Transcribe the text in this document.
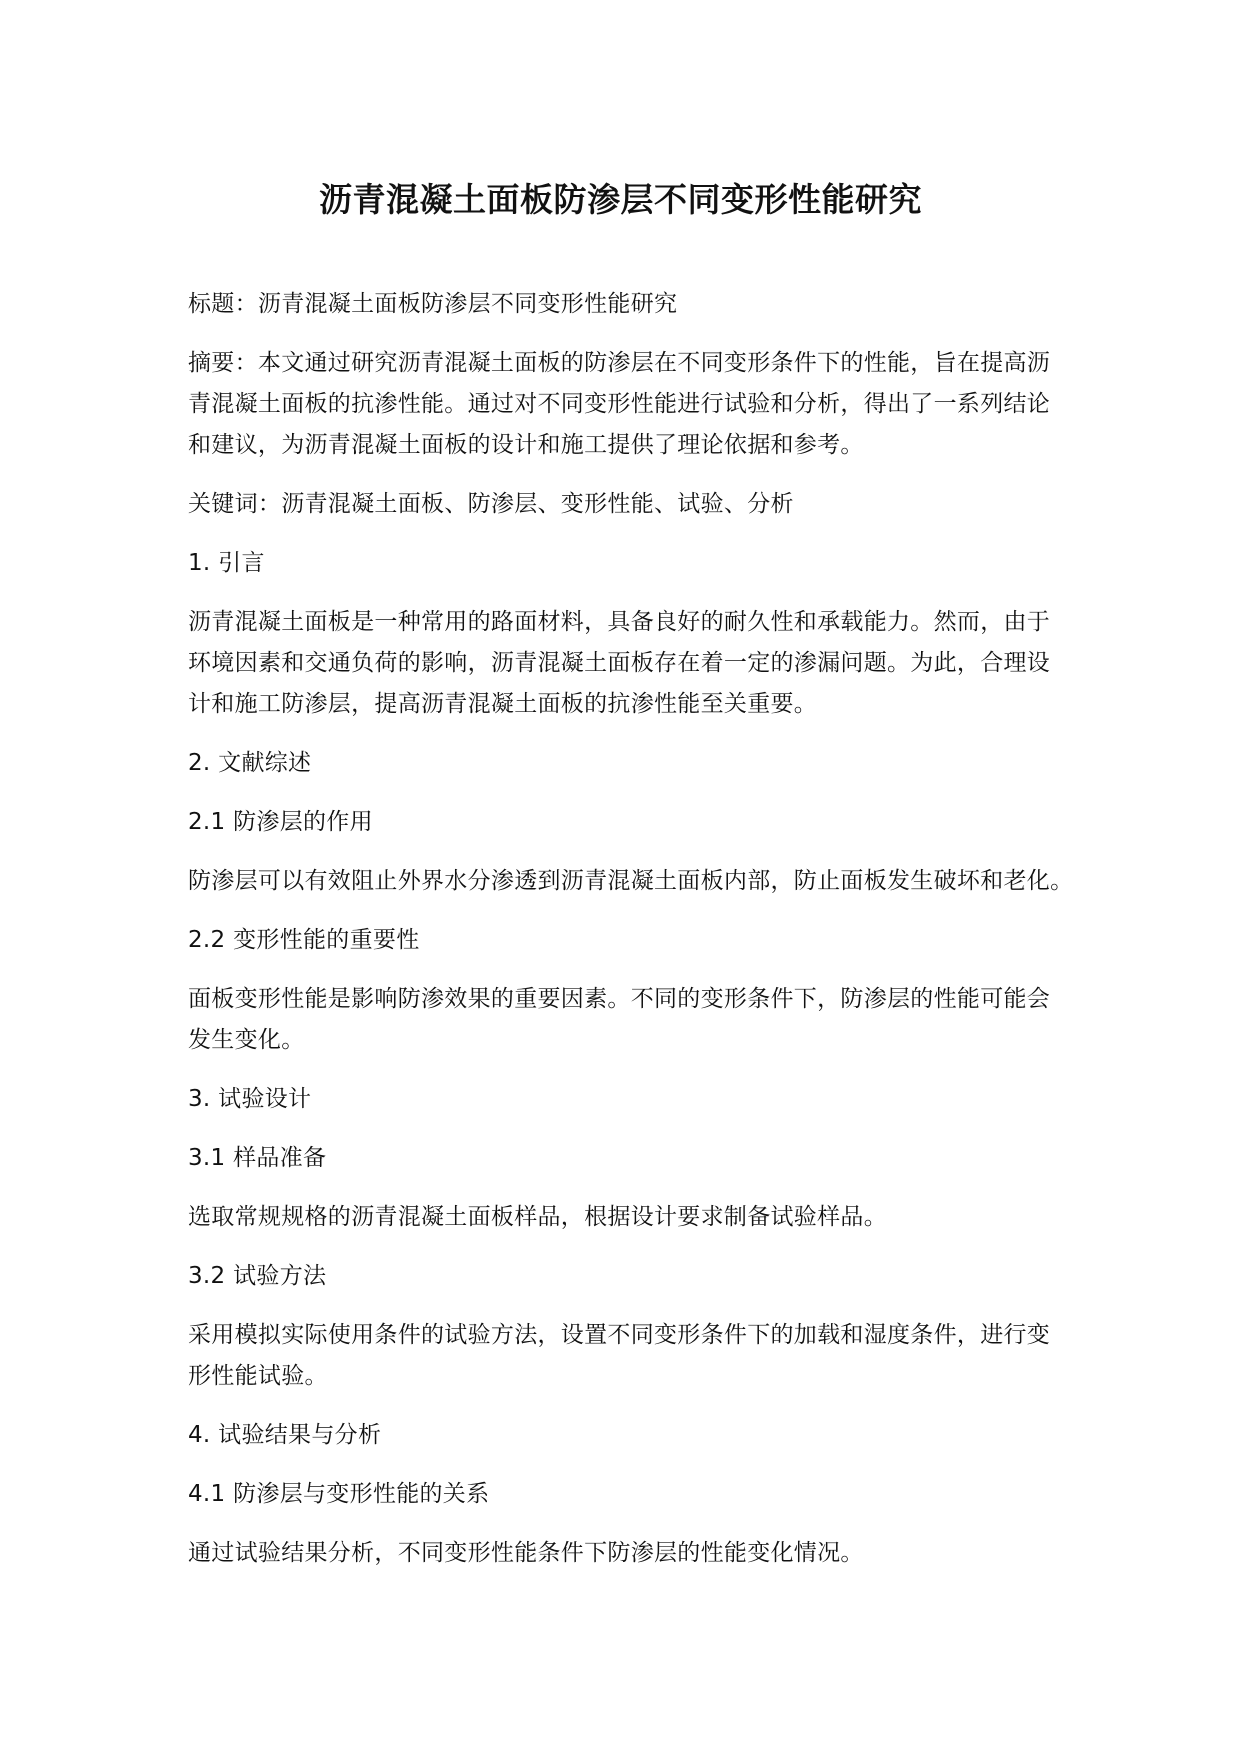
沥青混凝土面板防渗层不同变形性能研究
标题：沥青混凝土面板防渗层不同变形性能研究
摘要：本文通过研究沥青混凝土面板的防渗层在不同变形条件下的性能，旨在提高沥
青混凝土面板的抗渗性能。通过对不同变形性能进行试验和分析，得出了一系列结论
和建议，为沥青混凝土面板的设计和施工提供了理论依据和参考。
关键词：沥青混凝土面板、防渗层、变形性能、试验、分析
1. 引言
沥青混凝土面板是一种常用的路面材料，具备良好的耐久性和承载能力。然而，由于
环境因素和交通负荷的影响，沥青混凝土面板存在着一定的渗漏问题。为此，合理设
计和施工防渗层，提高沥青混凝土面板的抗渗性能至关重要。
2. 文献综述
2.1 防渗层的作用
防渗层可以有效阻止外界水分渗透到沥青混凝土面板内部，防止面板发生破坏和老化。
2.2 变形性能的重要性
面板变形性能是影响防渗效果的重要因素。不同的变形条件下，防渗层的性能可能会
发生变化。
3. 试验设计
3.1 样品准备
选取常规规格的沥青混凝土面板样品，根据设计要求制备试验样品。
3.2 试验方法
采用模拟实际使用条件的试验方法，设置不同变形条件下的加载和湿度条件，进行变
形性能试验。
4. 试验结果与分析
4.1 防渗层与变形性能的关系
通过试验结果分析，不同变形性能条件下防渗层的性能变化情况。
